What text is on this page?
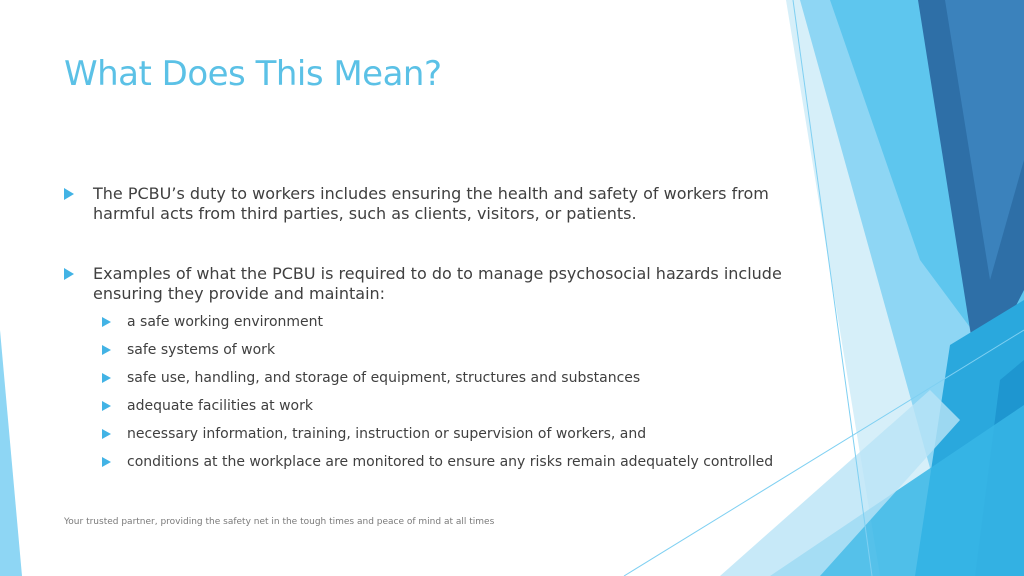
What Does This Mean?
The PCBU’s duty to workers includes ensuring the health and safety of workers from harmful acts from third parties, such as clients, visitors, or patients.
Examples of what the PCBU is required to do to manage psychosocial hazards include ensuring they provide and maintain:
a safe working environment
safe systems of work
safe use, handling, and storage of equipment, structures and substances
adequate facilities at work
necessary information, training, instruction or supervision of workers, and
conditions at the workplace are monitored to ensure any risks remain adequately controlled

Your trusted partner, providing the safety net in the tough times and peace of mind at all times
